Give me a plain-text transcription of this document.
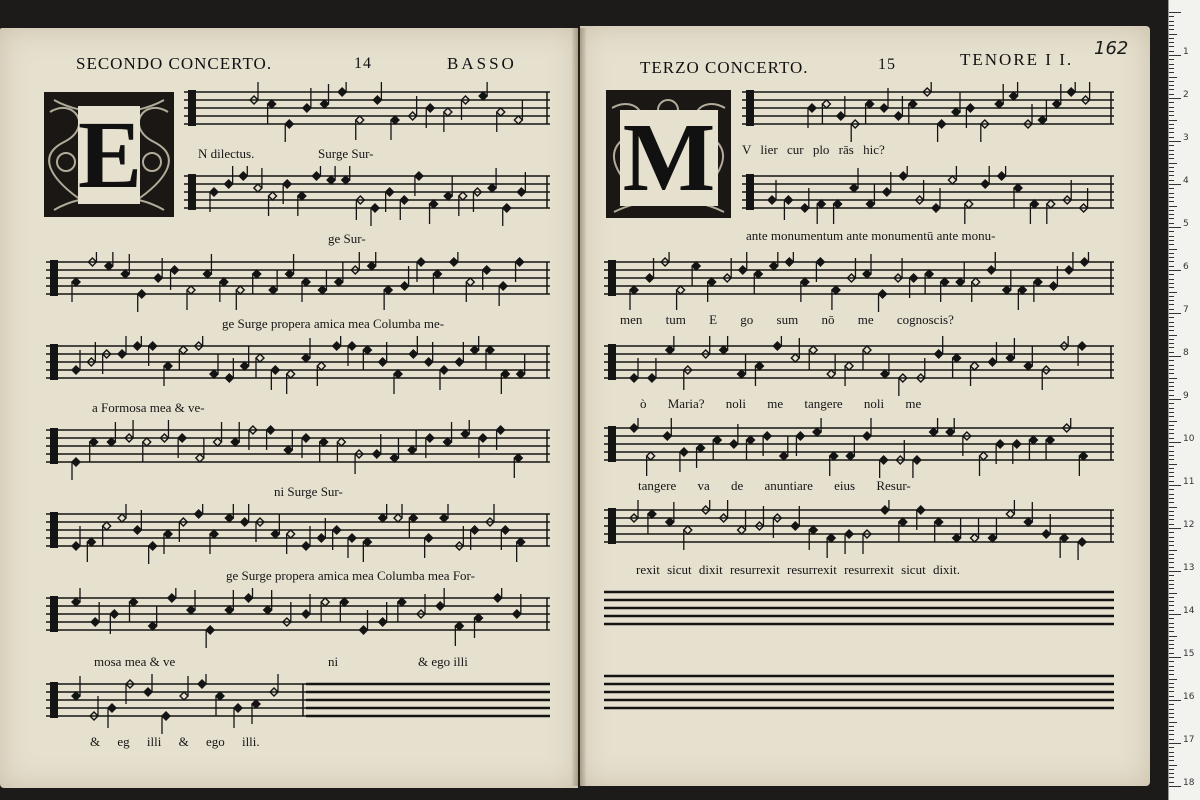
SECONDO CONCERTO.	14	BASSO	TERZO CONCERTO.	15	TENORE I I.
162
E	M
N dilectus.	Surge Sur-
ge Sur-
ge Surge propera amica mea Columba me-
a Formosa mea & ve-
ni Surge Sur-
ge Surge propera amica mea Columba mea For-
mosa mea & ve	ni	& ego illi
& eg illi & ego illi.
V lier cur plo rās hic?
ante monumentum ante monumentū ante monu-
men tum E go sum nō me cognoscis?
ò Maria? noli me tangere noli me
tangere va de anuntiare eius Resur-
rexit sicut dixit resurrexit resurrexit resurrexit sicut dixit.
1
2
3
4
5
6
7
8
9
10
11
12
13
14
15
16
17
18
